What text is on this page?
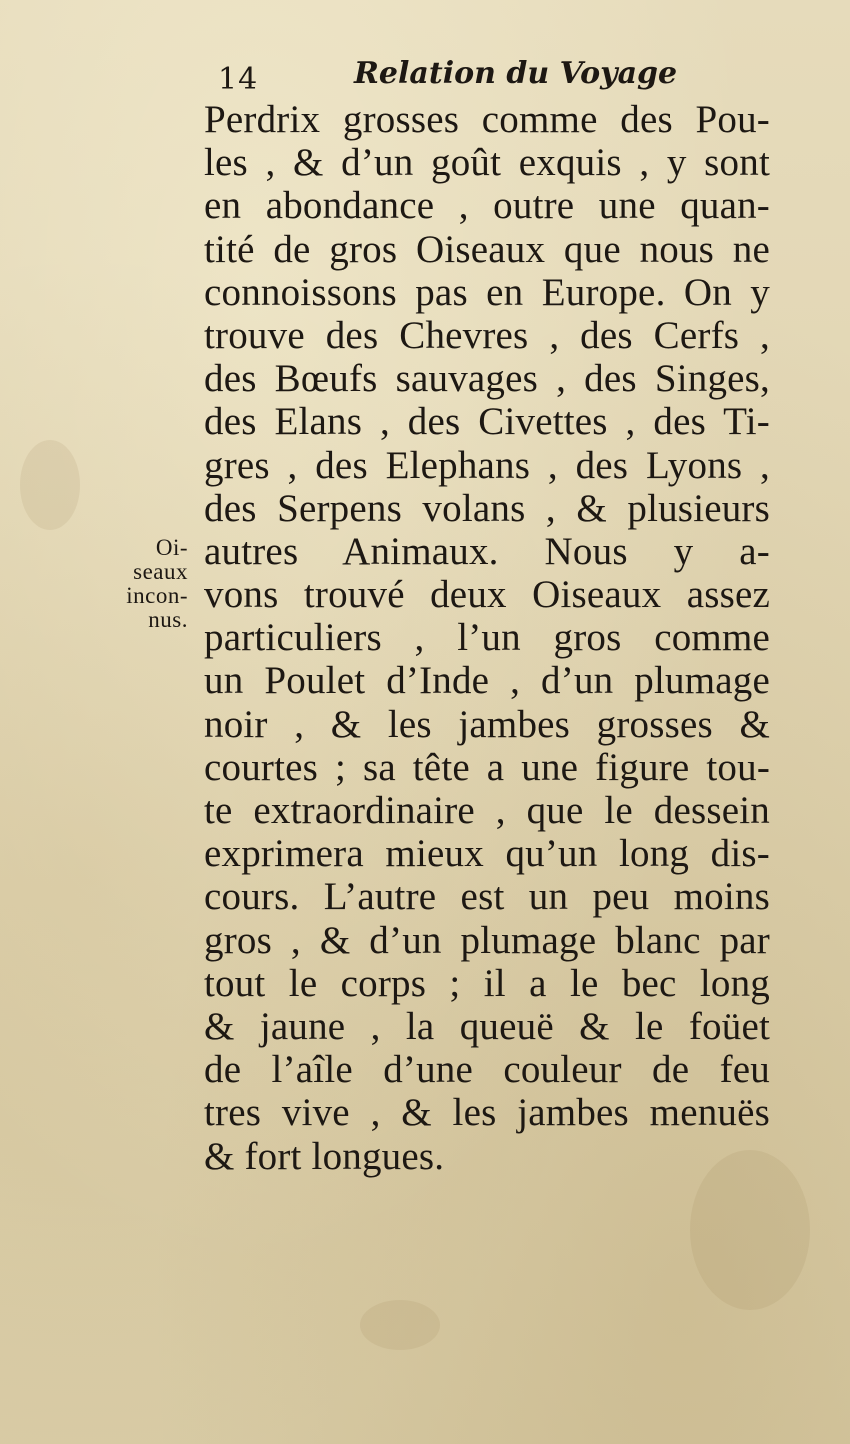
14	Relation du Voyage
Oi-
seaux
incon-
nus.
Perdrix grosses comme des Pou-
les , & d’un goût exquis , y sont
en abondance , outre une quan-
tité de gros Oiseaux que nous ne
connoissons pas en Europe. On y
trouve des Chevres , des Cerfs ,
des Bœufs sauvages , des Singes,
des Elans , des Civettes , des Ti-
gres , des Elephans , des Lyons ,
des Serpens volans , & plusieurs
autres Animaux. Nous y a-
vons trouvé deux Oiseaux assez
particuliers , l’un gros comme
un Poulet d’Inde , d’un plumage
noir , & les jambes grosses &
courtes ; sa tête a une figure tou-
te extraordinaire , que le dessein
exprimera mieux qu’un long dis-
cours. L’autre est un peu moins
gros , & d’un plumage blanc par
tout le corps ; il a le bec long
& jaune , la queuë & le foüet
de l’aîle d’une couleur de feu
tres vive , & les jambes menuës
& fort longues.
